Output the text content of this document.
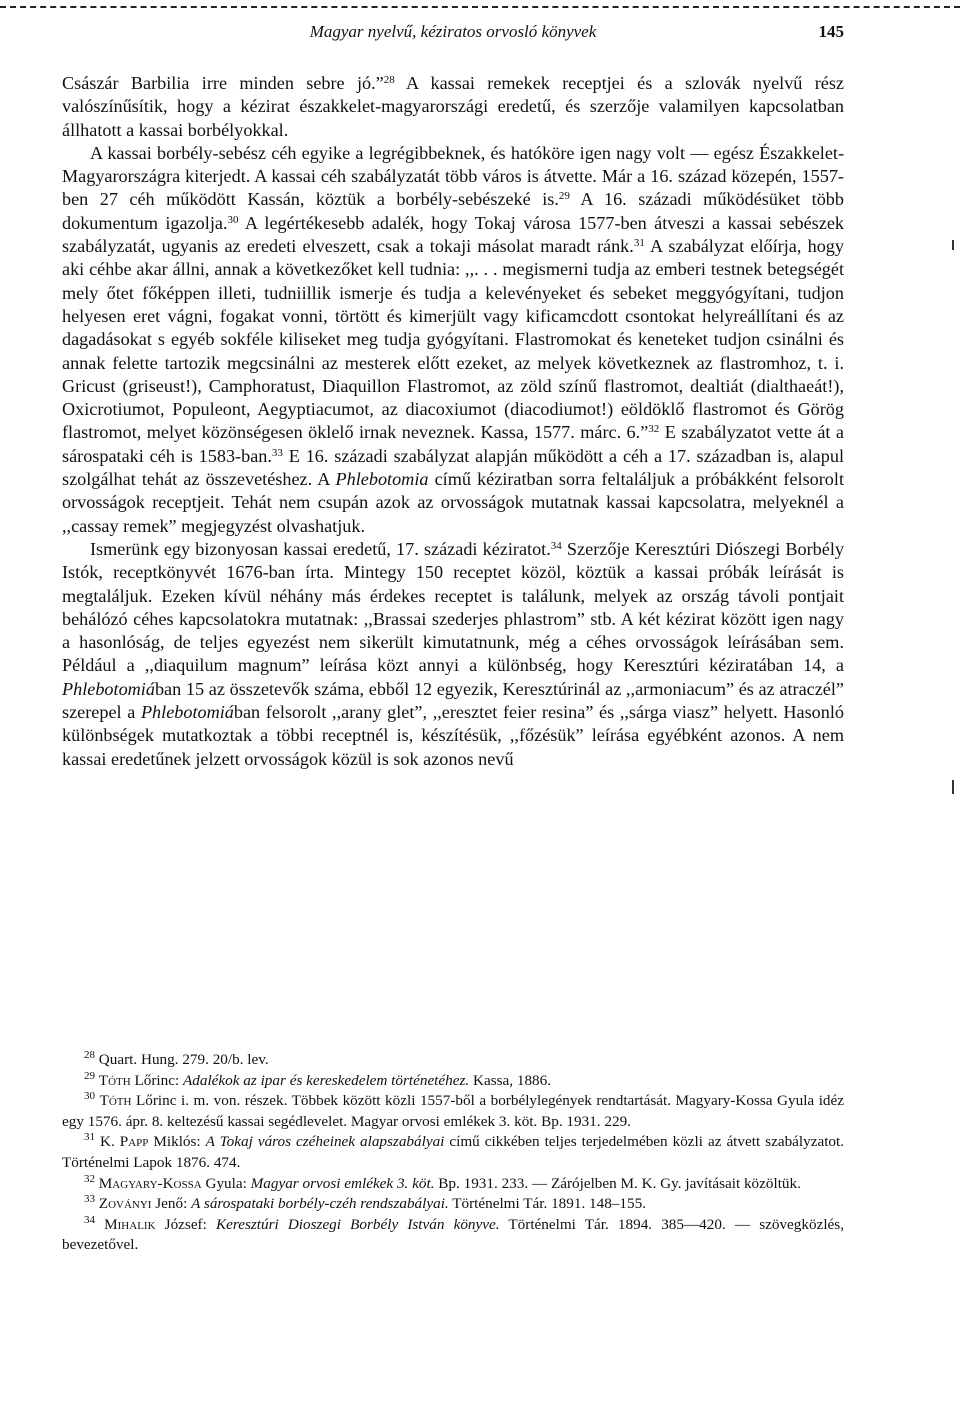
Magyar nyelvű, kéziratos orvosló könyvek	145

Császár Barbilia irre minden sebre jó.”$^{28}$ A kassai remekek receptjei és a szlovák nyelvű rész valószínűsítik, hogy a kézirat északkelet-magyarországi eredetű, és szerzője valamilyen kapcsolatban állhatott a kassai borbélyokkal.

A kassai borbély-sebész céh egyike a legrégibbeknek, és hatóköre igen nagy volt — egész Északkelet-Magyarországra kiterjedt. A kassai céh szabályzatát több város is átvette. Már a 16. század közepén, 1557-ben 27 céh működött Kassán, köztük a borbély-sebészeké is.$^{29}$ A 16. századi működésüket több dokumentum igazolja.$^{30}$ A legértékesebb adalék, hogy Tokaj városa 1577-ben átveszi a kassai sebészek szabályzatát, ugyanis az eredeti elveszett, csak a tokaji másolat maradt ránk.$^{31}$ A szabályzat előírja, hogy aki céhbe akar állni, annak a következőket kell tudnia: ,,. . . megismerni tudja az emberi testnek betegségét mely őtet főképpen illeti, tudniillik ismerje és tudja a kelevényeket és sebeket meggyógyítani, tudjon helyesen eret vágni, fogakat vonni, törtött és kimerjült vagy kificamcdott csontokat helyreállítani és az dagadásokat s egyéb sokféle kiliseket meg tudja gyógyítani. Flastromokat és keneteket tudjon csinálni és annak felette tartozik megcsinálni az mesterek előtt ezeket, az melyek következnek az flastromhoz, t. i. Gricust (griseust!), Camphoratust, Diaquillon Flastromot, az zöld színű flastromot, dealtiát (dialthaeát!), Oxicrotiumot, Populeont, Aegyptiacumot, az diacoxiumot (diacodiumot!) eöldöklő flastromot és Görög flastromot, melyet közönségesen öklelő irnak neveznek. Kassa, 1577. márc. 6.”$^{32}$ E szabályzatot vette át a sárospataki céh is 1583-ban.$^{33}$ E 16. századi szabályzat alapján működött a céh a 17. században is, alapul szolgálhat tehát az összevetéshez. A Phlebotomia című kéziratban sorra feltaláljuk a próbákként felsorolt orvosságok receptjeit. Tehát nem csupán azok az orvosságok mutatnak kassai kapcsolatra, melyeknél a ,,cassay remek” megjegyzést olvashatjuk.

Ismerünk egy bizonyosan kassai eredetű, 17. századi kéziratot.$^{34}$ Szerzője Keresztúri Diószegi Borbély Istók, receptkönyvét 1676-ban írta. Mintegy 150 receptet közöl, köztük a kassai próbák leírását is megtaláljuk. Ezeken kívül néhány más érdekes receptet is találunk, melyek az ország távoli pontjait behálózó céhes kapcsolatokra mutatnak: ,,Brassai szederjes phlastrom” stb. A két kézirat között igen nagy a hasonlóság, de teljes egyezést nem sikerült kimutatnunk, még a céhes orvosságok leírásában sem. Például a ,,diaquilum magnum” leírása közt annyi a különbség, hogy Keresztúri kéziratában 14, a Phlebotomiában 15 az összetevők száma, ebből 12 egyezik, Keresztúrinál az ,,armoniacum” és az atraczél” szerepel a Phlebotomiában felsorolt ,,arany glet”, ,,eresztet feier resina” és ,,sárga viasz” helyett. Hasonló különbségek mutatkoztak a többi receptnél is, készítésük, ,,főzésük” leírása egyébként azonos. A nem kassai eredetűnek jelzett orvosságok közül is sok azonos nevű

$^{28}$ Quart. Hung. 279. 20/b. lev.

$^{29}$ Tóth Lőrinc: Adalékok az ipar és kereskedelem történetéhez. Kassa, 1886.

$^{30}$ Tóth Lőrinc i. m. von. részek. Többek között közli 1557-ből a borbélylegények rendtartását. Magyary-Kossa Gyula idéz egy 1576. ápr. 8. keltezésű kassai segédlevelet. Magyar orvosi emlékek 3. köt. Bp. 1931. 229.

$^{31}$ K. Papp Miklós: A Tokaj város czéheinek alapszabályai című cikkében teljes terjedelmében közli az átvett szabályzatot. Történelmi Lapok 1876. 474.

$^{32}$ Magyary-Kossa Gyula: Magyar orvosi emlékek 3. köt. Bp. 1931. 233. — Zárójelben M. K. Gy. javításait közöltük.

$^{33}$ Zoványi Jenő: A sárospataki borbély-czéh rendszabályai. Történelmi Tár. 1891. 148–155.

$^{34}$ Mihalik József: Keresztúri Dioszegi Borbély István könyve. Történelmi Tár. 1894. 385—420. — szövegközlés, bevezetővel.
